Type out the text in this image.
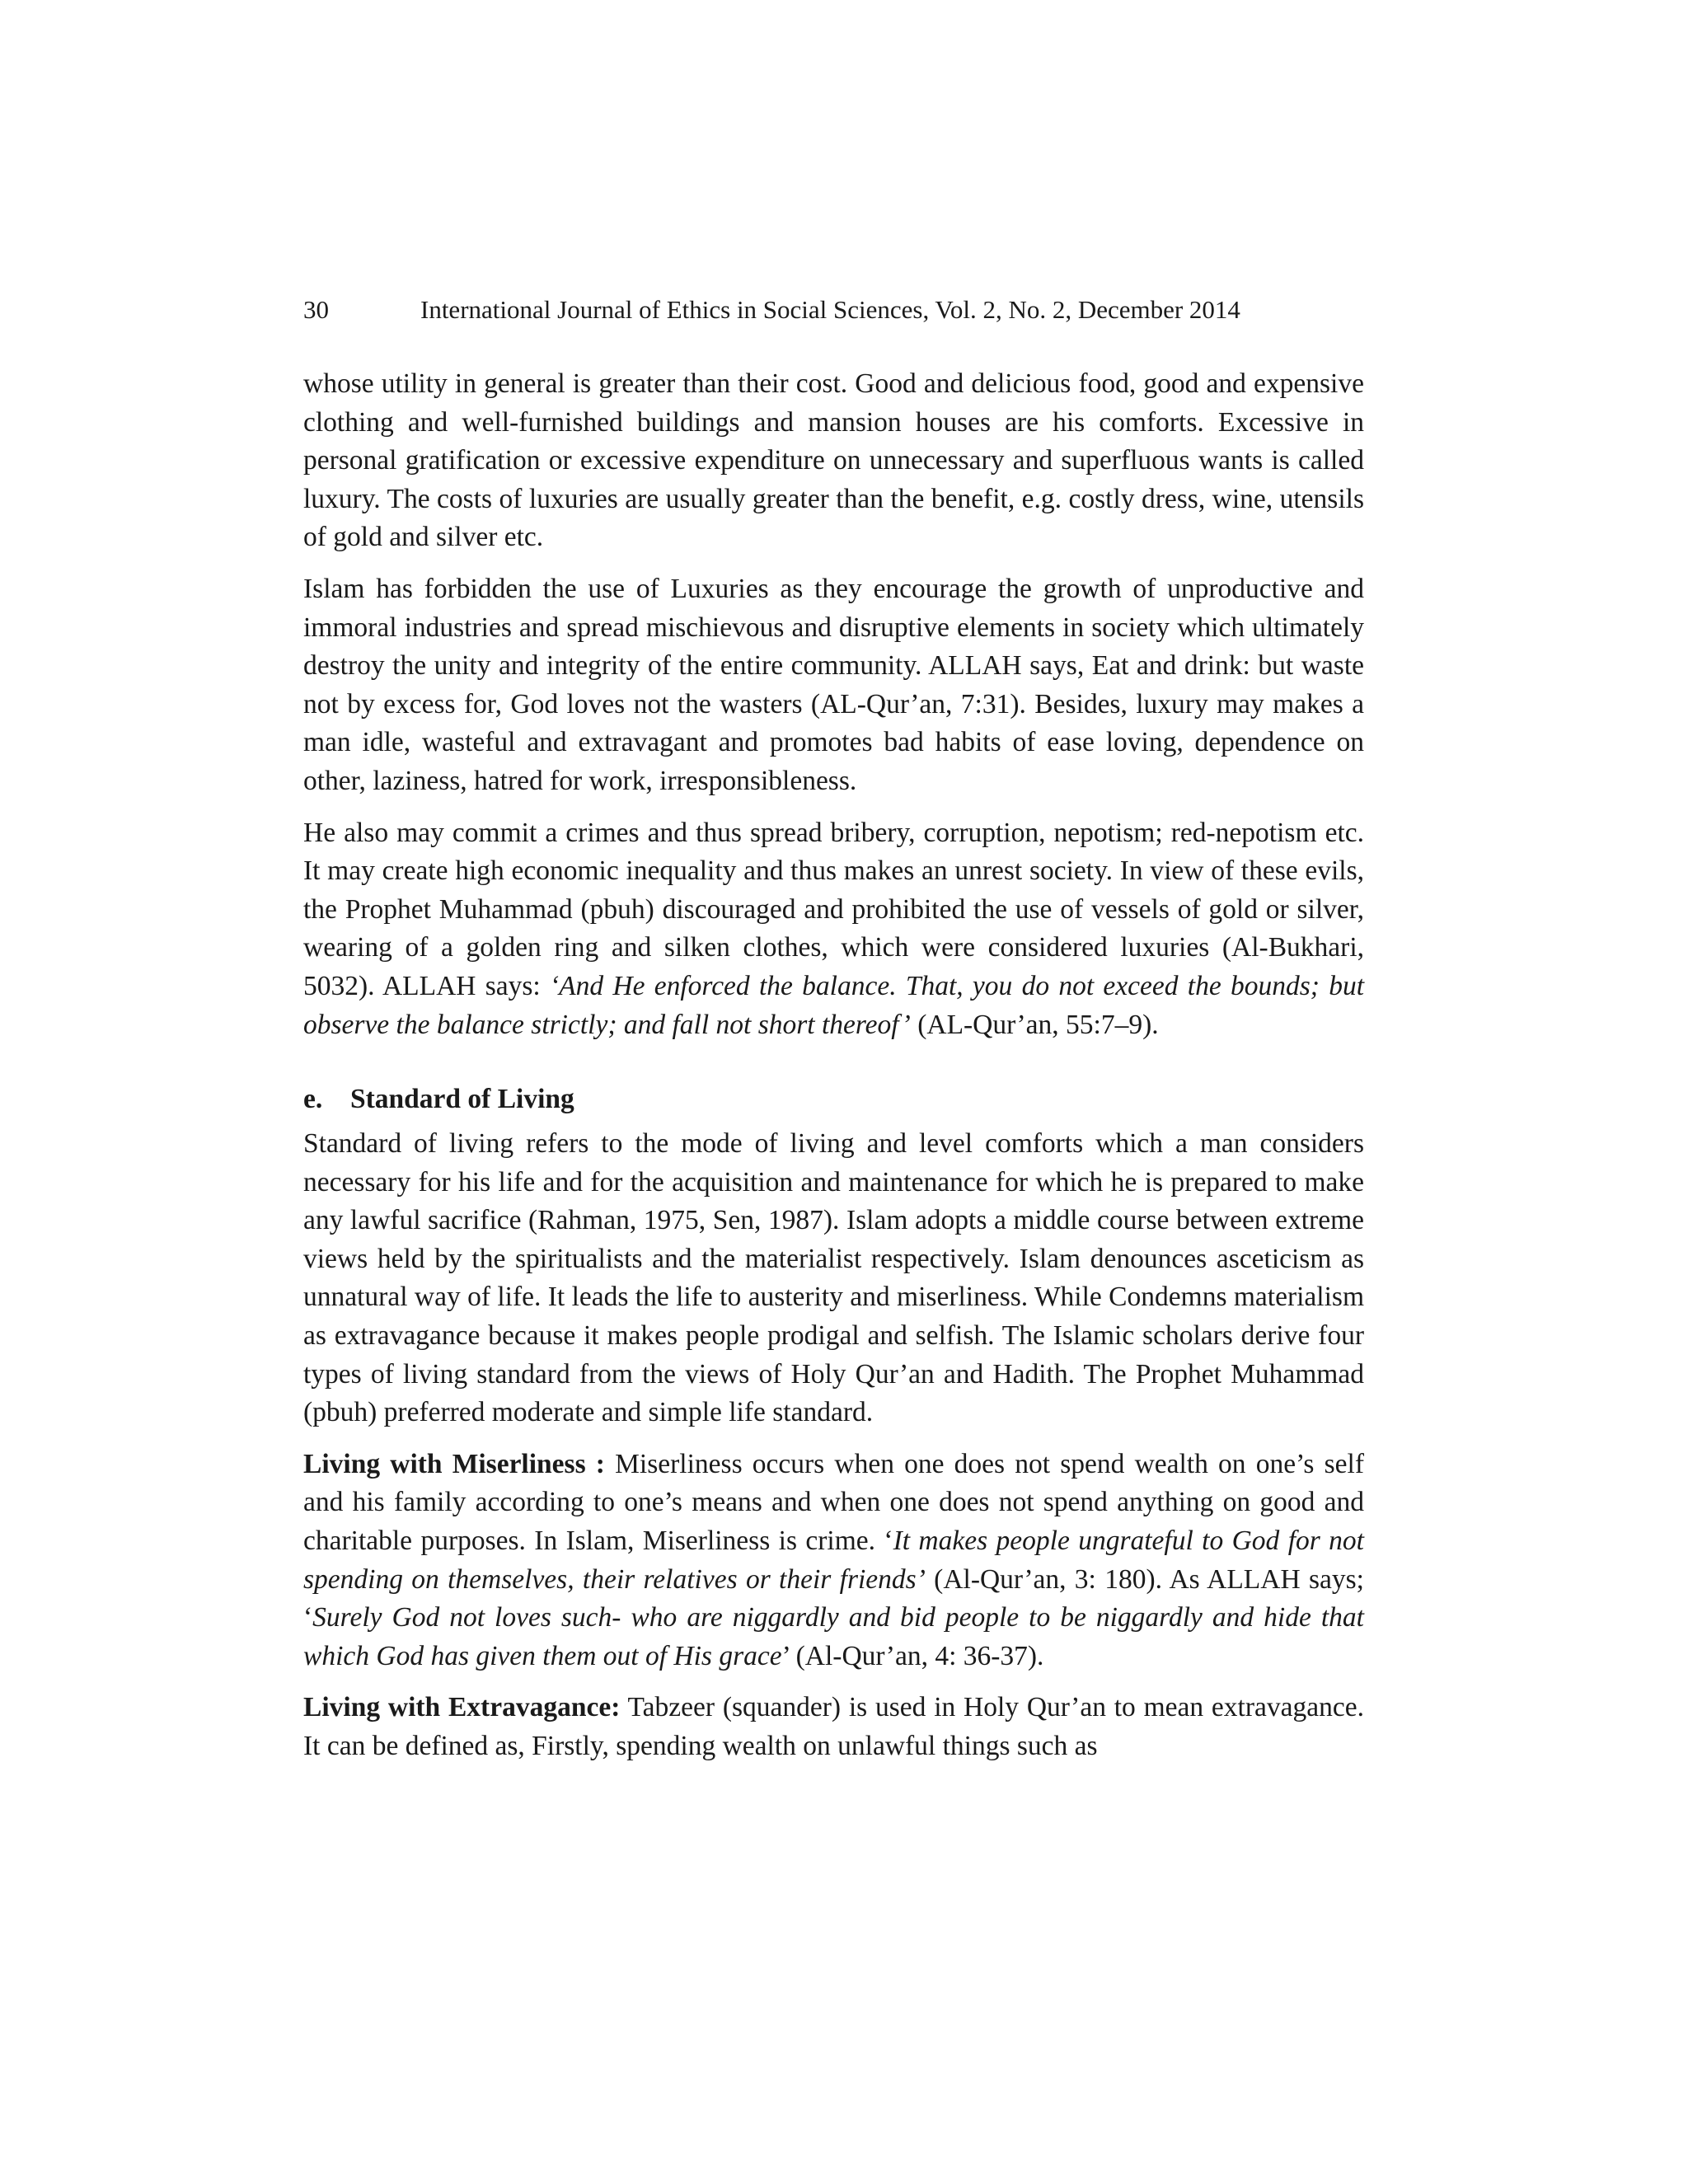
30	International Journal of Ethics in Social Sciences, Vol. 2, No. 2, December 2014

whose utility in general is greater than their cost. Good and delicious food, good and expensive clothing and well-furnished buildings and mansion houses are his comforts. Excessive in personal gratification or excessive expenditure on unnecessary and superfluous wants is called luxury. The costs of luxuries are usually greater than the benefit, e.g. costly dress, wine, utensils of gold and silver etc.

Islam has forbidden the use of Luxuries as they encourage the growth of unproductive and immoral industries and spread mischievous and disruptive elements in society which ultimately destroy the unity and integrity of the entire community. ALLAH says, Eat and drink: but waste not by excess for, God loves not the wasters (AL-Qur’an, 7:31). Besides, luxury may makes a man idle, wasteful and extravagant and promotes bad habits of ease loving, dependence on other, laziness, hatred for work, irresponsibleness.

He also may commit a crimes and thus spread bribery, corruption, nepotism; red-nepotism etc. It may create high economic inequality and thus makes an unrest society. In view of these evils, the Prophet Muhammad (pbuh) discouraged and prohibited the use of vessels of gold or silver, wearing of a golden ring and silken clothes, which were considered luxuries (Al-Bukhari, 5032). ALLAH says: ‘And He enforced the balance. That, you do not exceed the bounds; but observe the balance strictly; and fall not short thereof’ (AL-Qur’an, 55:7–9).

e. Standard of Living

Standard of living refers to the mode of living and level comforts which a man considers necessary for his life and for the acquisition and maintenance for which he is prepared to make any lawful sacrifice (Rahman, 1975, Sen, 1987). Islam adopts a middle course between extreme views held by the spiritualists and the materialist respectively. Islam denounces asceticism as unnatural way of life. It leads the life to austerity and miserliness. While Condemns materialism as extravagance because it makes people prodigal and selfish. The Islamic scholars derive four types of living standard from the views of Holy Qur’an and Hadith. The Prophet Muhammad (pbuh) preferred moderate and simple life standard.

Living with Miserliness : Miserliness occurs when one does not spend wealth on one’s self and his family according to one’s means and when one does not spend anything on good and charitable purposes. In Islam, Miserliness is crime. ‘It makes people ungrateful to God for not spending on themselves, their relatives or their friends’ (Al-Qur’an, 3: 180). As ALLAH says; ‘Surely God not loves such- who are niggardly and bid people to be niggardly and hide that which God has given them out of His grace’ (Al-Qur’an, 4: 36-37).

Living with Extravagance: Tabzeer (squander) is used in Holy Qur’an to mean extravagance. It can be defined as, Firstly, spending wealth on unlawful things such as
